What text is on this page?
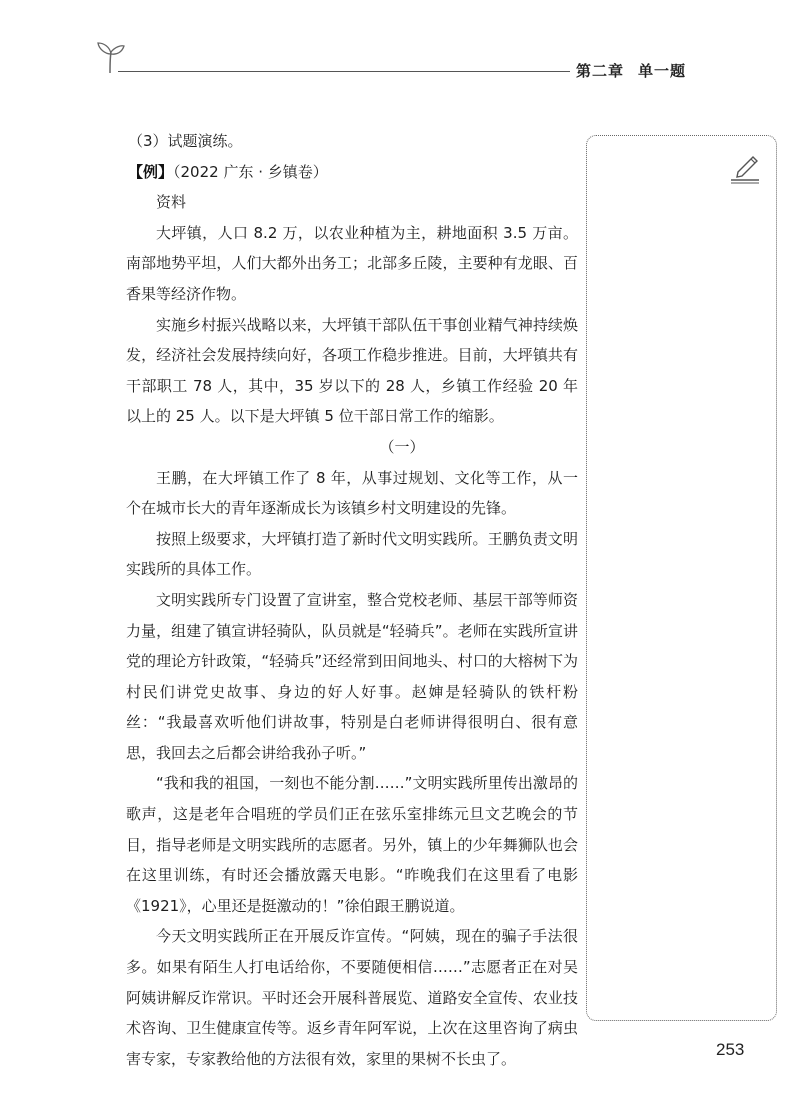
第二章 单一题

（3）试题演练。

【例】（2022 广东 · 乡镇卷）

资料

大坪镇，人口 8.2 万，以农业种植为主，耕地面积 3.5 万亩。南部地势平坦，人们大都外出务工；北部多丘陵，主要种有龙眼、百香果等经济作物。

实施乡村振兴战略以来，大坪镇干部队伍干事创业精气神持续焕发，经济社会发展持续向好，各项工作稳步推进。目前，大坪镇共有干部职工 78 人，其中，35 岁以下的 28 人，乡镇工作经验 20 年以上的 25 人。以下是大坪镇 5 位干部日常工作的缩影。

（一）

王鹏，在大坪镇工作了 8 年，从事过规划、文化等工作，从一个在城市长大的青年逐渐成长为该镇乡村文明建设的先锋。

按照上级要求，大坪镇打造了新时代文明实践所。王鹏负责文明实践所的具体工作。

文明实践所专门设置了宣讲室，整合党校老师、基层干部等师资力量，组建了镇宣讲轻骑队，队员就是“轻骑兵”。老师在实践所宣讲党的理论方针政策，“轻骑兵”还经常到田间地头、村口的大榕树下为村民们讲党史故事、身边的好人好事。赵婶是轻骑队的铁杆粉丝：“我最喜欢听他们讲故事，特别是白老师讲得很明白、很有意思，我回去之后都会讲给我孙子听。”

“我和我的祖国，一刻也不能分割……”文明实践所里传出激昂的歌声，这是老年合唱班的学员们正在弦乐室排练元旦文艺晚会的节目，指导老师是文明实践所的志愿者。另外，镇上的少年舞狮队也会在这里训练，有时还会播放露天电影。“昨晚我们在这里看了电影《1921》，心里还是挺激动的！”徐伯跟王鹏说道。

今天文明实践所正在开展反诈宣传。“阿姨，现在的骗子手法很多。如果有陌生人打电话给你，不要随便相信……”志愿者正在对吴阿姨讲解反诈常识。平时还会开展科普展览、道路安全宣传、农业技术咨询、卫生健康宣传等。返乡青年阿军说，上次在这里咨询了病虫害专家，专家教给他的方法很有效，家里的果树不长虫了。	253
